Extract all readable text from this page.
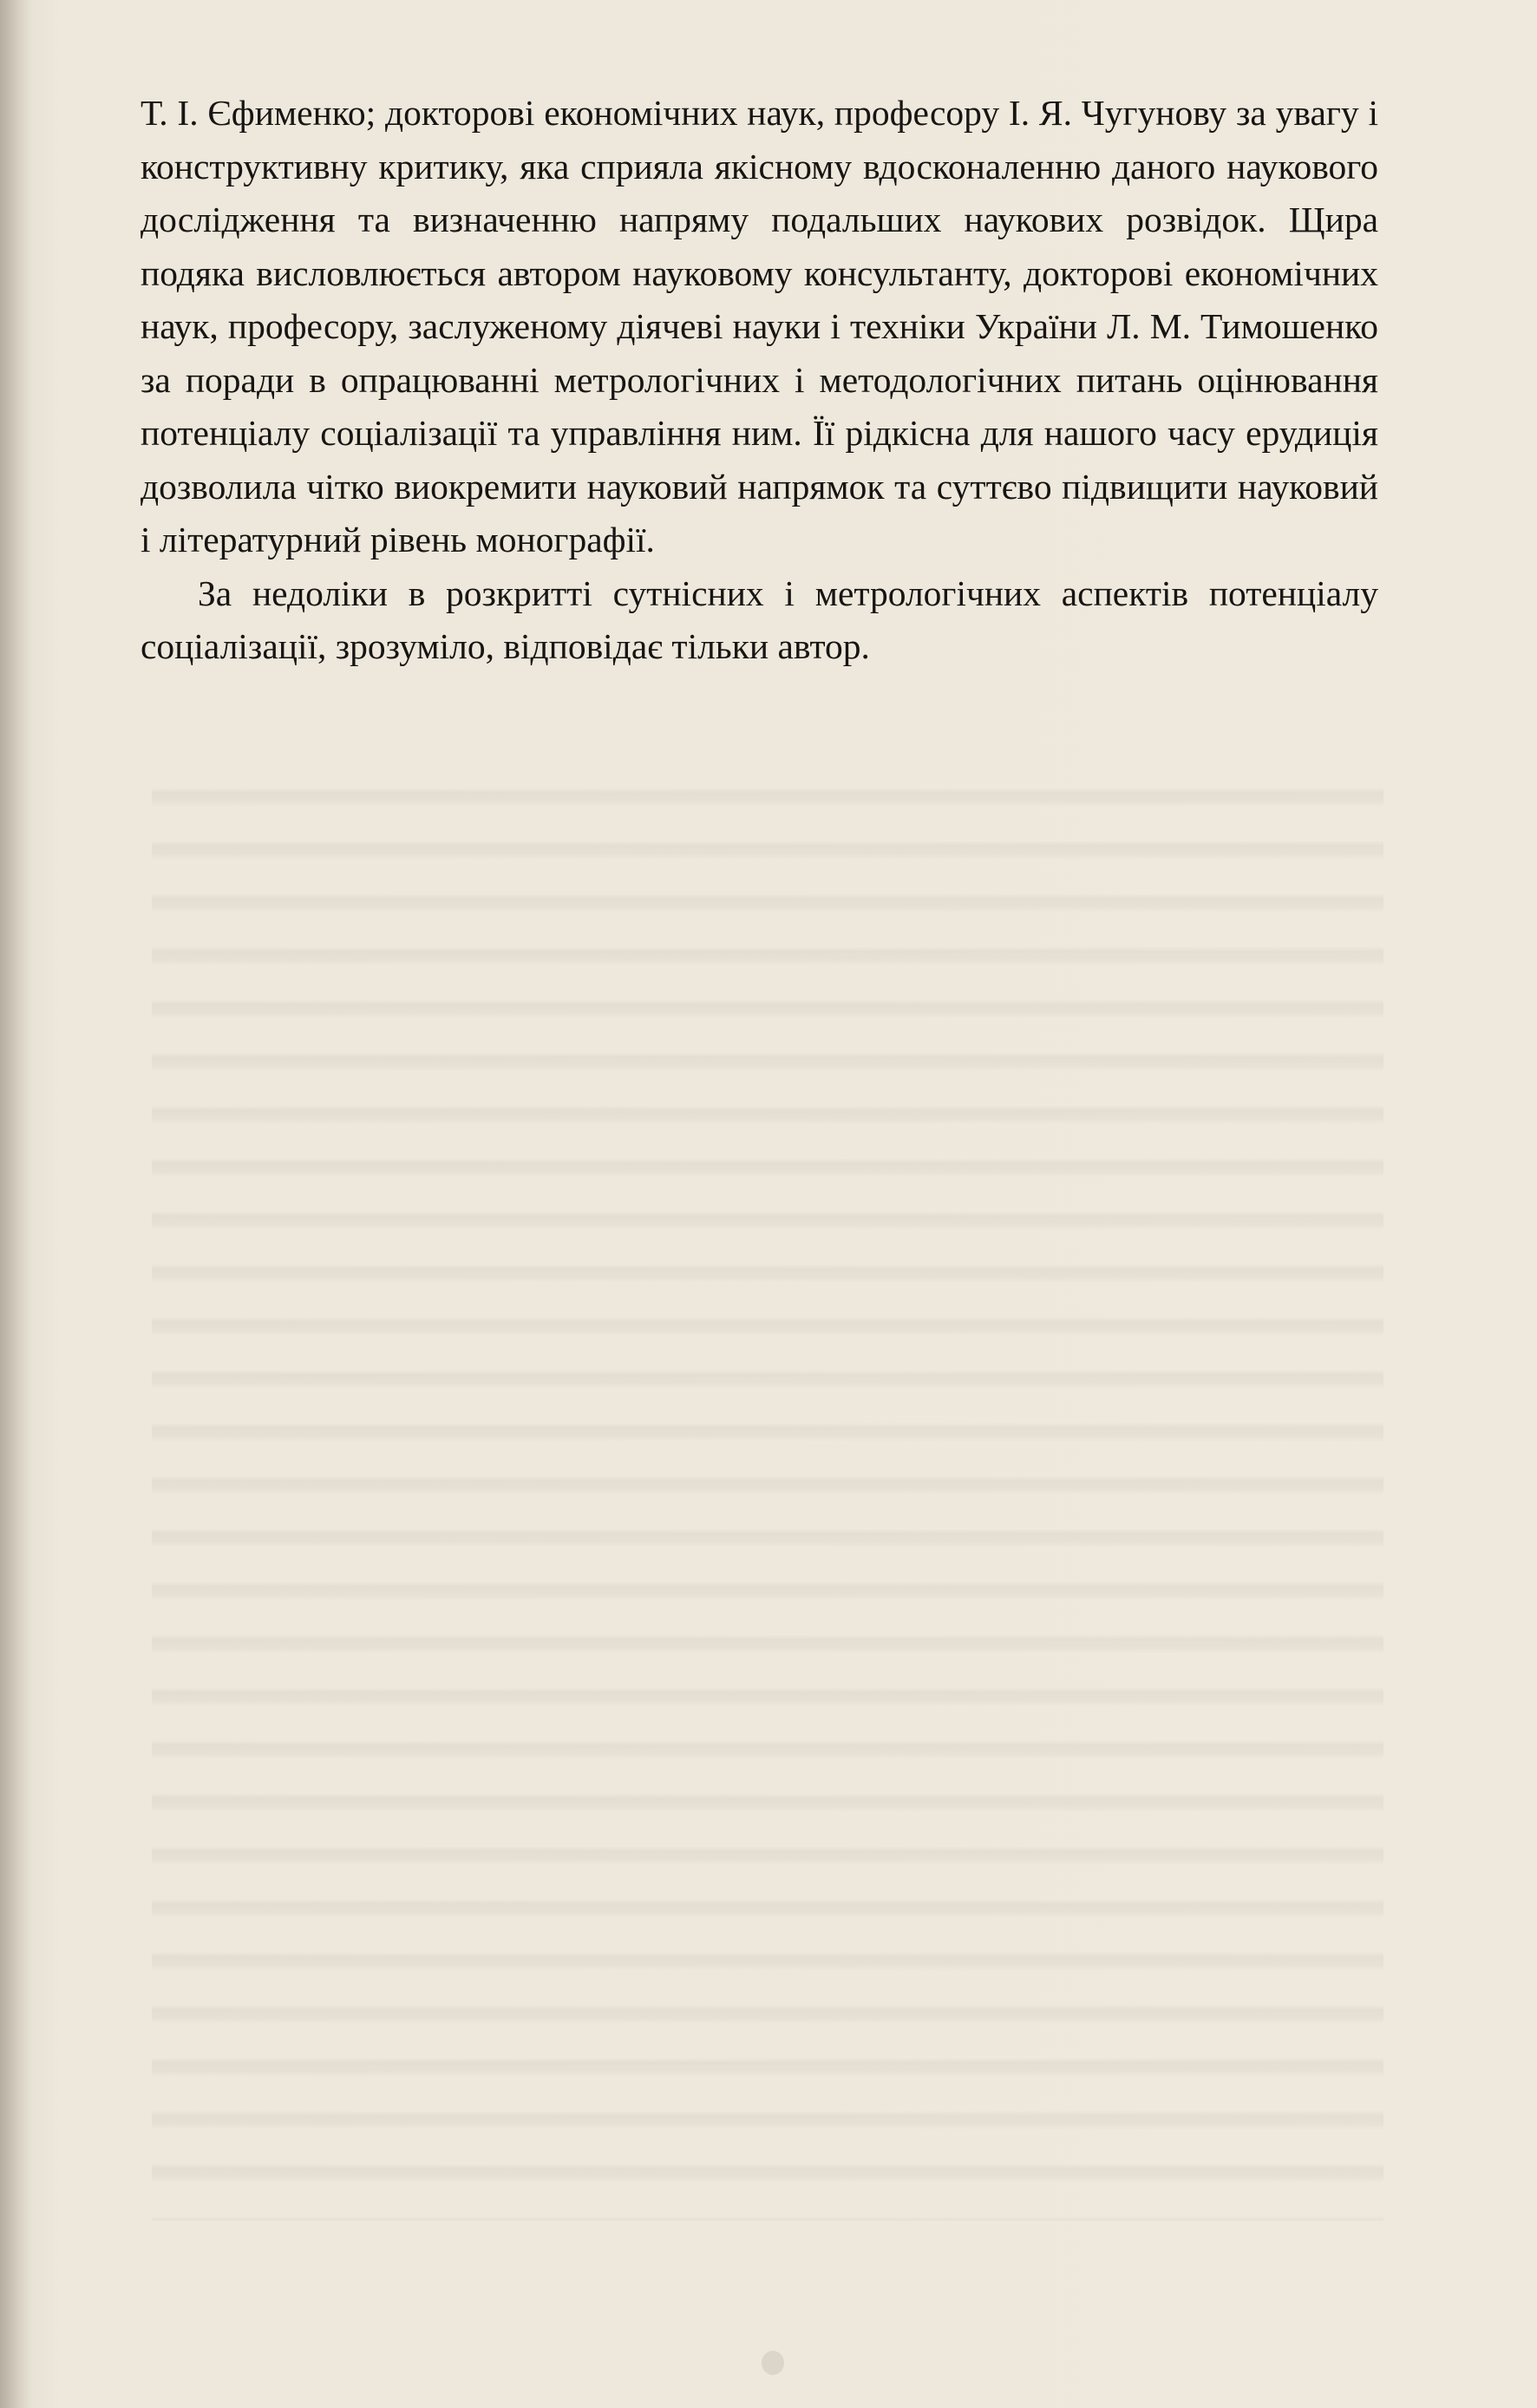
Т. І. Єфименко; докторові економічних наук, професору І. Я. Чугунову за увагу і конструктивну критику, яка сприяла якісному вдосконаленню даного наукового дослідження та визначенню напряму подальших наукових розвідок. Щира подяка висловлюється автором науковому консультанту, докторові економічних наук, професору, заслуженому діячеві науки і техніки України Л. М. Тимошенко за поради в опрацюванні метрологічних і методологічних питань оцінювання потенціалу соціалізації та управління ним. Її рідкісна для нашого часу ерудиція дозволила чітко виокремити науковий напрямок та суттєво підвищити науковий і літературний рівень монографії.

За недоліки в розкритті сутнісних і метрологічних аспектів потенціалу соціалізації, зрозуміло, відповідає тільки автор.
